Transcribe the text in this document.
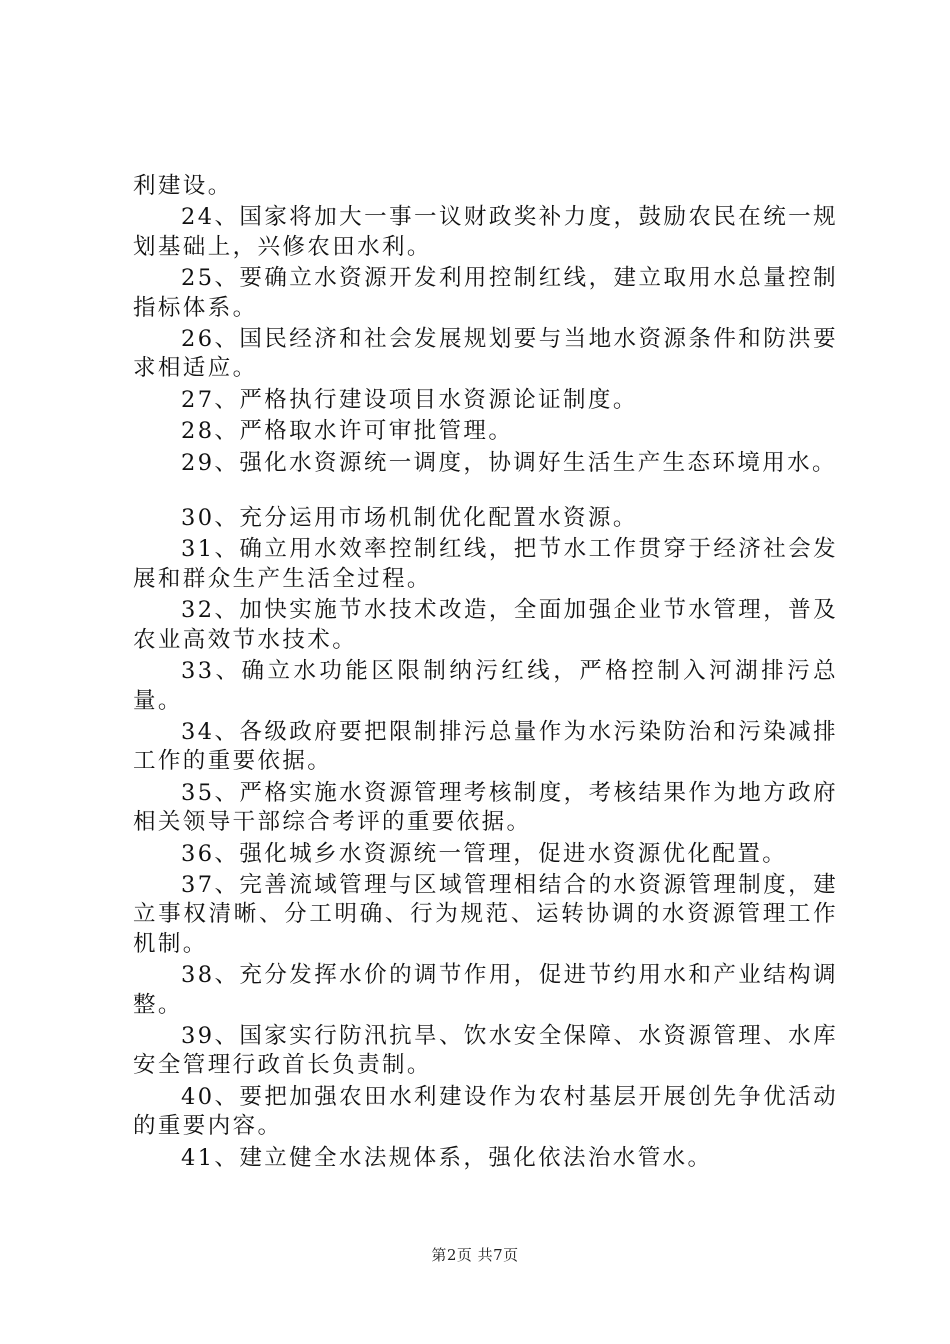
利建设。

24、国家将加大一事一议财政奖补力度，鼓励农民在统一规划基础上，兴修农田水利。

25、要确立水资源开发利用控制红线，建立取用水总量控制指标体系。

26、国民经济和社会发展规划要与当地水资源条件和防洪要求相适应。

27、严格执行建设项目水资源论证制度。

28、严格取水许可审批管理。

29、强化水资源统一调度，协调好生活生产生态环境用水。

30、充分运用市场机制优化配置水资源。

31、确立用水效率控制红线，把节水工作贯穿于经济社会发展和群众生产生活全过程。

32、加快实施节水技术改造，全面加强企业节水管理，普及农业高效节水技术。

33、确立水功能区限制纳污红线，严格控制入河湖排污总量。

34、各级政府要把限制排污总量作为水污染防治和污染减排工作的重要依据。

35、严格实施水资源管理考核制度，考核结果作为地方政府相关领导干部综合考评的重要依据。

36、强化城乡水资源统一管理，促进水资源优化配置。

37、完善流域管理与区域管理相结合的水资源管理制度，建立事权清晰、分工明确、行为规范、运转协调的水资源管理工作机制。

38、充分发挥水价的调节作用，促进节约用水和产业结构调整。

39、国家实行防汛抗旱、饮水安全保障、水资源管理、水库安全管理行政首长负责制。

40、要把加强农田水利建设作为农村基层开展创先争优活动的重要内容。

41、建立健全水法规体系，强化依法治水管水。

第2页 共7页
